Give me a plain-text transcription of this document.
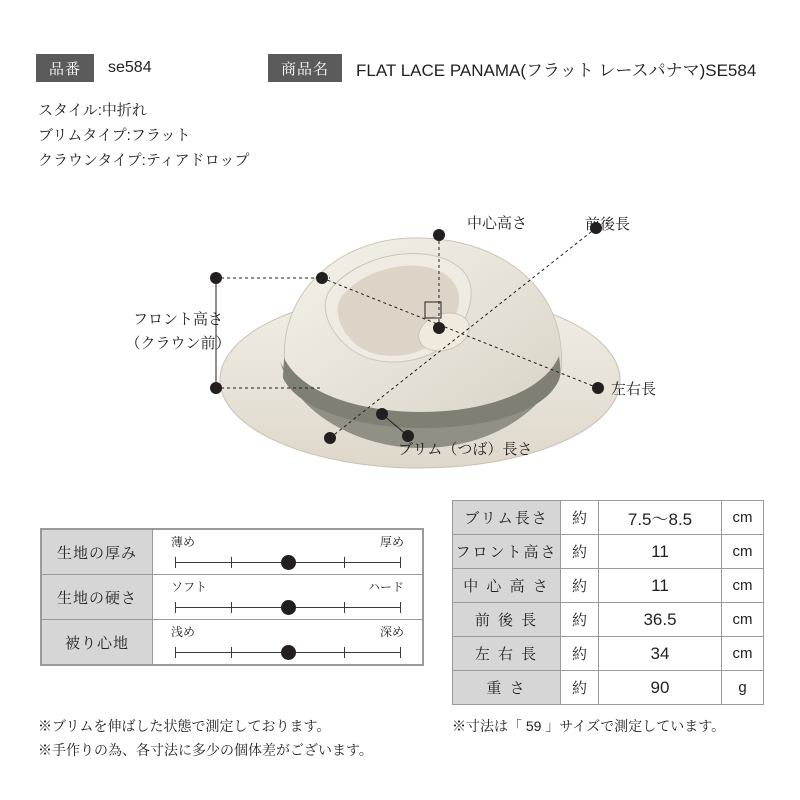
品番	se584	商品名	FLAT LACE PANAMA(フラット レースパナマ)SE584
スタイル:中折れ
ブリムタイプ:フラット
クラウンタイプ:ティアドロップ
中心高さ	前後長
左右長
ブリム（つば）長さ
フロント高さ
（クラウン前）
生地の厚み	薄め 厚め

生地の硬さ	ソフト ハード

被り心地	浅め 深め
ブリム長さ	約	7.5〜8.5	cm
フロント高さ	約	11	cm
中 心 高 さ	約	11	cm
前 後 長	約	36.5	cm
左 右 長	約	34	cm
重 さ	約	90	g
※ブリムを伸ばした状態で測定しております。
※手作りの為、各寸法に多少の個体差がございます。
※寸法は「 59 」サイズで測定しています。
